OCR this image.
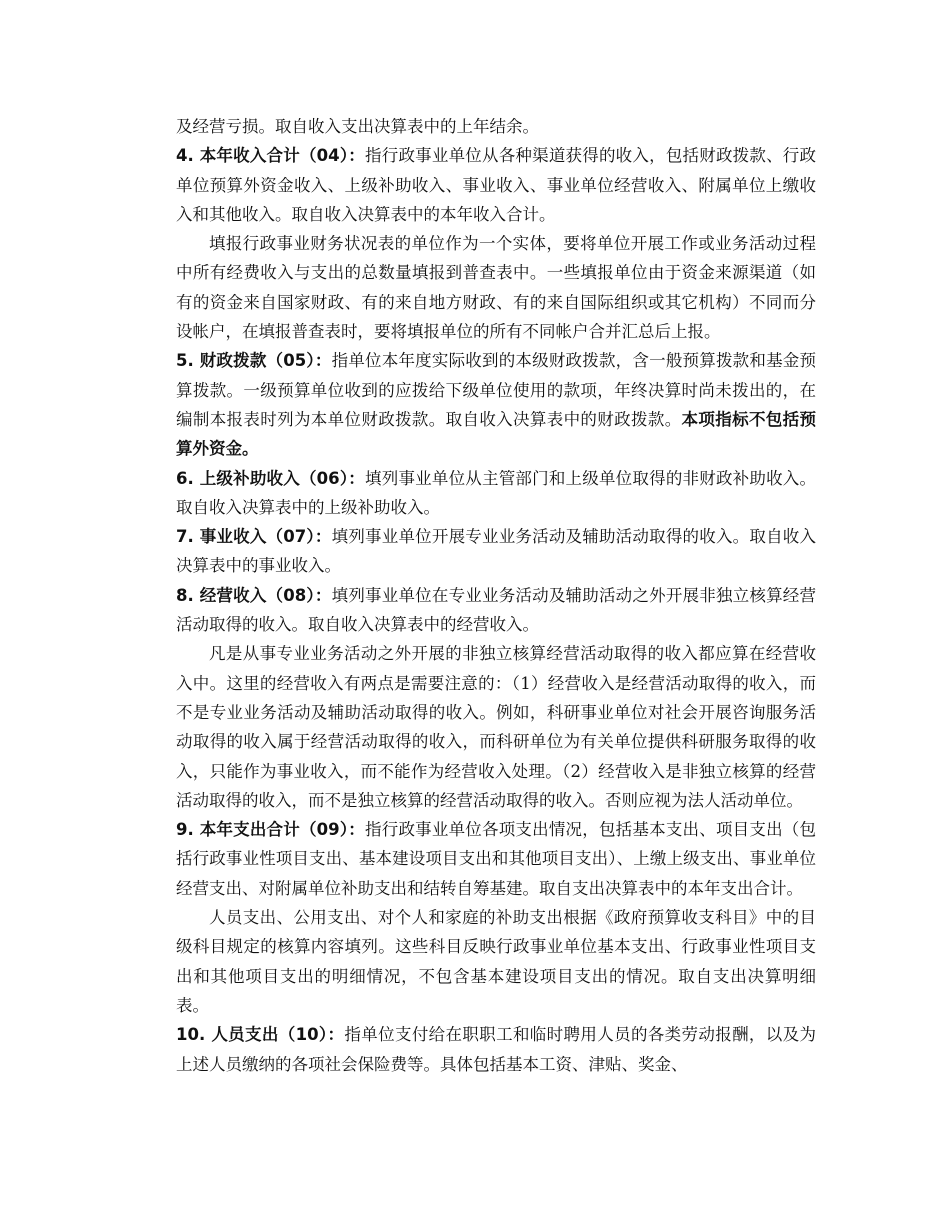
及经营亏损。取自收入支出决算表中的上年结余。

4. 本年收入合计（04）：指行政事业单位从各种渠道获得的收入，包括财政拨款、行政单位预算外资金收入、上级补助收入、事业收入、事业单位经营收入、附属单位上缴收入和其他收入。取自收入决算表中的本年收入合计。

填报行政事业财务状况表的单位作为一个实体，要将单位开展工作或业务活动过程中所有经费收入与支出的总数量填报到普查表中。一些填报单位由于资金来源渠道（如有的资金来自国家财政、有的来自地方财政、有的来自国际组织或其它机构）不同而分设帐户，在填报普查表时，要将填报单位的所有不同帐户合并汇总后上报。

5. 财政拨款（05）：指单位本年度实际收到的本级财政拨款，含一般预算拨款和基金预算拨款。一级预算单位收到的应拨给下级单位使用的款项，年终决算时尚未拨出的，在编制本报表时列为本单位财政拨款。取自收入决算表中的财政拨款。本项指标不包括预算外资金。

6. 上级补助收入（06）：填列事业单位从主管部门和上级单位取得的非财政补助收入。取自收入决算表中的上级补助收入。

7. 事业收入（07）：填列事业单位开展专业业务活动及辅助活动取得的收入。取自收入决算表中的事业收入。

8. 经营收入（08）：填列事业单位在专业业务活动及辅助活动之外开展非独立核算经营活动取得的收入。取自收入决算表中的经营收入。

凡是从事专业业务活动之外开展的非独立核算经营活动取得的收入都应算在经营收入中。这里的经营收入有两点是需要注意的：（1）经营收入是经营活动取得的收入，而不是专业业务活动及辅助活动取得的收入。例如，科研事业单位对社会开展咨询服务活动取得的收入属于经营活动取得的收入，而科研单位为有关单位提供科研服务取得的收入，只能作为事业收入，而不能作为经营收入处理。（2）经营收入是非独立核算的经营活动取得的收入，而不是独立核算的经营活动取得的收入。否则应视为法人活动单位。

9. 本年支出合计（09）：指行政事业单位各项支出情况，包括基本支出、项目支出（包括行政事业性项目支出、基本建设项目支出和其他项目支出）、上缴上级支出、事业单位经营支出、对附属单位补助支出和结转自筹基建。取自支出决算表中的本年支出合计。

人员支出、公用支出、对个人和家庭的补助支出根据《政府预算收支科目》中的目级科目规定的核算内容填列。这些科目反映行政事业单位基本支出、行政事业性项目支出和其他项目支出的明细情况，不包含基本建设项目支出的情况。取自支出决算明细表。

10. 人员支出（10）：指单位支付给在职职工和临时聘用人员的各类劳动报酬，以及为上述人员缴纳的各项社会保险费等。具体包括基本工资、津贴、奖金、
